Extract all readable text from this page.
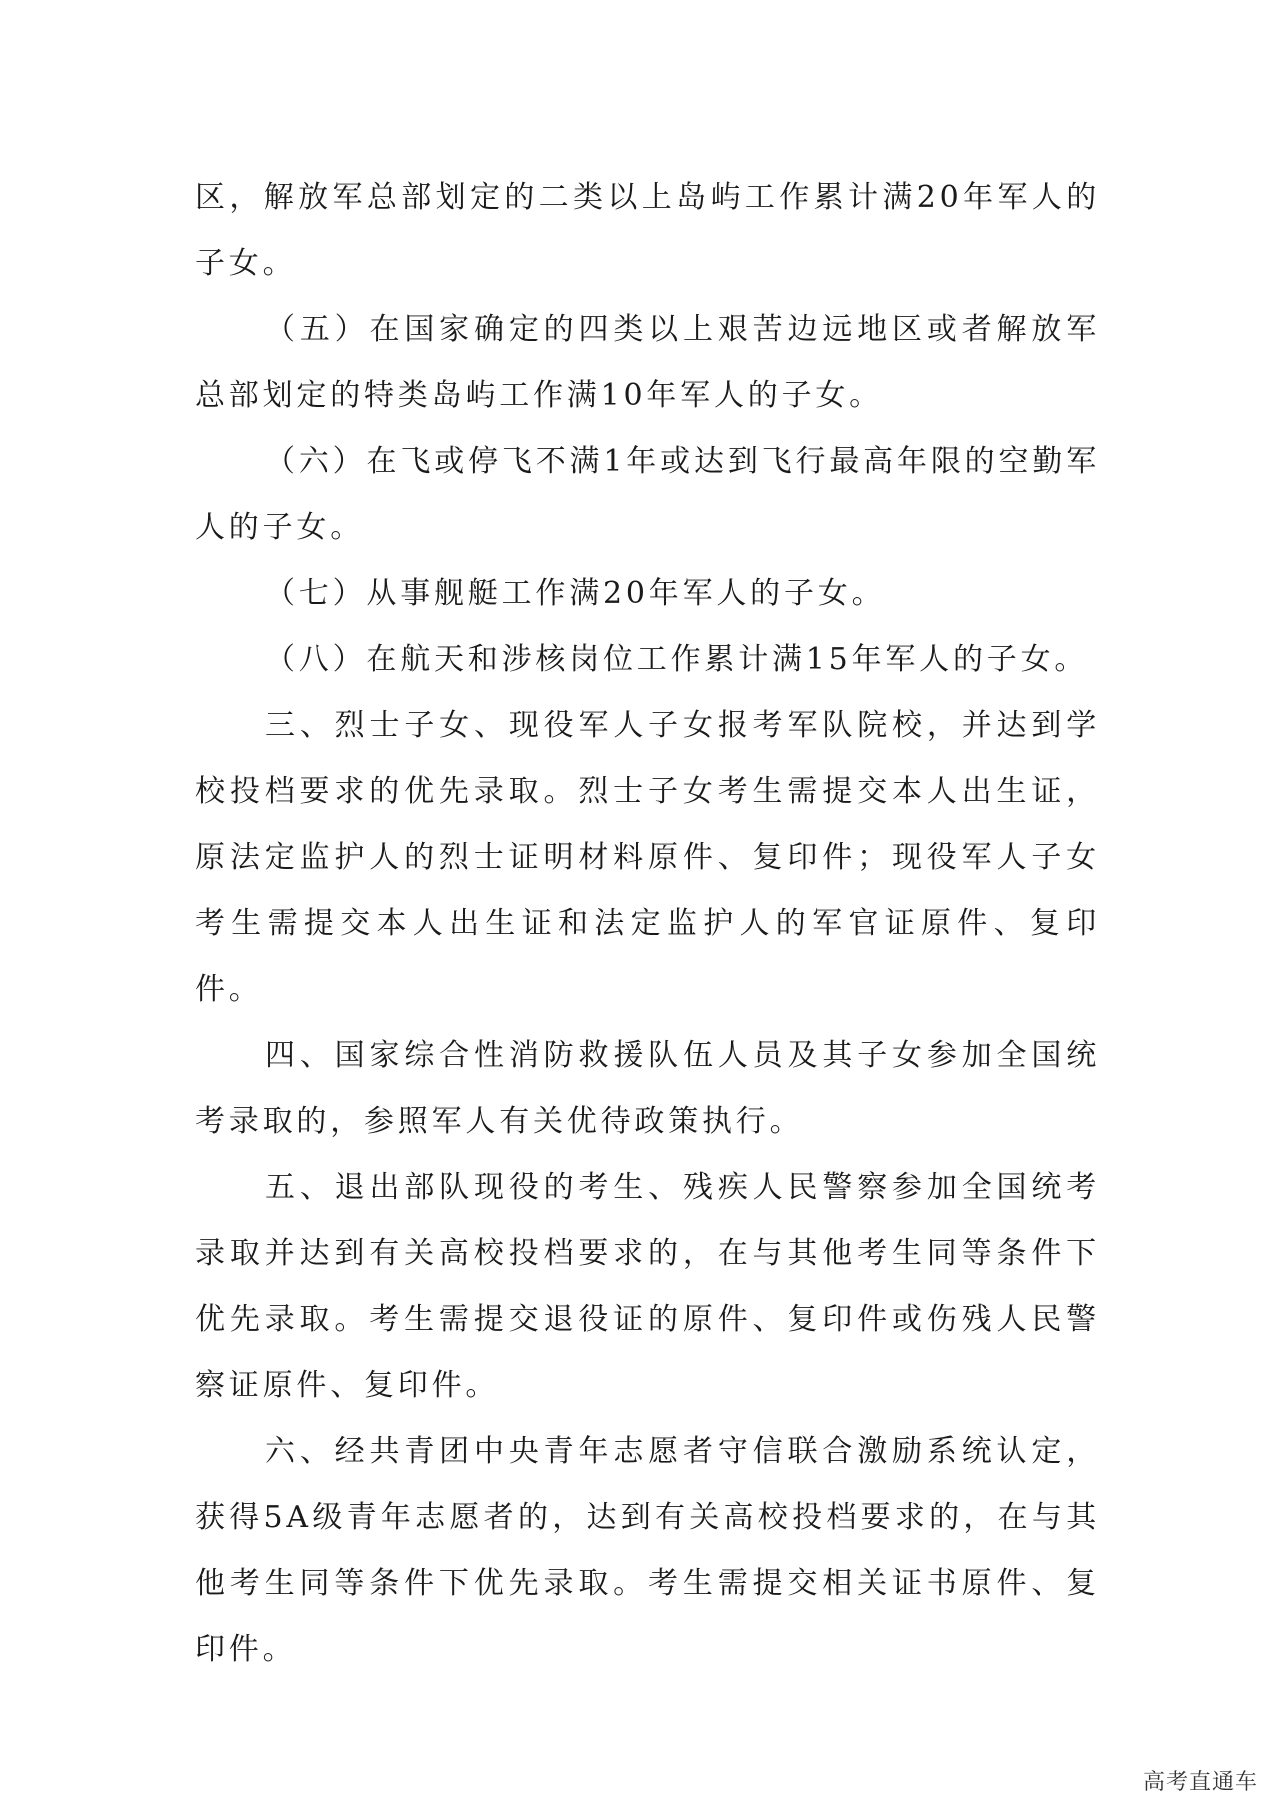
区，解放军总部划定的二类以上岛屿工作累计满20年军人的子女。

（五）在国家确定的四类以上艰苦边远地区或者解放军总部划定的特类岛屿工作满10年军人的子女。

（六）在飞或停飞不满1年或达到飞行最高年限的空勤军人的子女。

（七）从事舰艇工作满20年军人的子女。

（八）在航天和涉核岗位工作累计满15年军人的子女。

三、烈士子女、现役军人子女报考军队院校，并达到学校投档要求的优先录取。烈士子女考生需提交本人出生证，原法定监护人的烈士证明材料原件、复印件；现役军人子女考生需提交本人出生证和法定监护人的军官证原件、复印件。

四、国家综合性消防救援队伍人员及其子女参加全国统考录取的，参照军人有关优待政策执行。

五、退出部队现役的考生、残疾人民警察参加全国统考录取并达到有关高校投档要求的，在与其他考生同等条件下优先录取。考生需提交退役证的原件、复印件或伤残人民警察证原件、复印件。

六、经共青团中央青年志愿者守信联合激励系统认定，获得5A级青年志愿者的，达到有关高校投档要求的，在与其他考生同等条件下优先录取。考生需提交相关证书原件、复印件。

高考直通车
